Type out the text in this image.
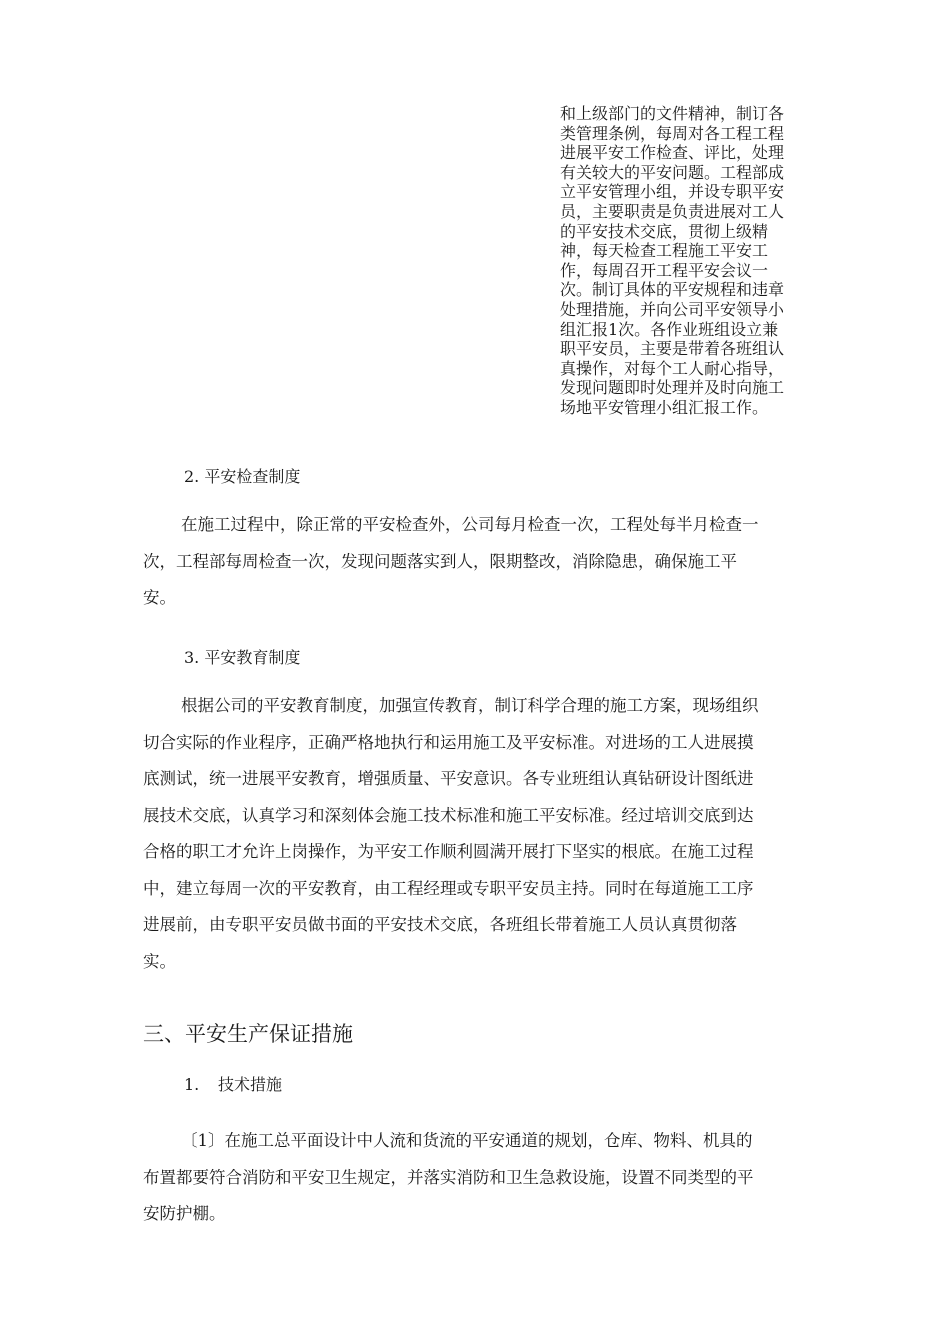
和上级部门的文件精神，制订各
类管理条例，每周对各工程工程
进展平安工作检查、评比，处理
有关较大的平安问题。工程部成
立平安管理小组，并设专职平安
员，主要职责是负责进展对工人
的平安技术交底，贯彻上级精
神，每天检查工程施工平安工
作，每周召开工程平安会议一
次。制订具体的平安规程和违章
处理措施，并向公司平安领导小
组汇报1次。各作业班组设立兼
职平安员，主要是带着各班组认
真操作，对每个工人耐心指导，
发现问题即时处理并及时向施工
场地平安管理小组汇报工作。
2. 平安检查制度
在施工过程中，除正常的平安检查外，公司每月检查一次，工程处每半月检查一
次，工程部每周检查一次，发现问题落实到人，限期整改，消除隐患，确保施工平
安。
3. 平安教育制度
根据公司的平安教育制度，加强宣传教育，制订科学合理的施工方案，现场组织
切合实际的作业程序，正确严格地执行和运用施工及平安标准。对进场的工人进展摸
底测试，统一进展平安教育，增强质量、平安意识。各专业班组认真钻研设计图纸进
展技术交底，认真学习和深刻体会施工技术标准和施工平安标准。经过培训交底到达
合格的职工才允许上岗操作，为平安工作顺利圆满开展打下坚实的根底。在施工过程
中，建立每周一次的平安教育，由工程经理或专职平安员主持。同时在每道施工工序
进展前，由专职平安员做书面的平安技术交底，各班组长带着施工人员认真贯彻落
实。
三、平安生产保证措施
1. 技术措施
〔1〕在施工总平面设计中人流和货流的平安通道的规划，仓库、物料、机具的
布置都要符合消防和平安卫生规定，并落实消防和卫生急救设施，设置不同类型的平
安防护棚。
